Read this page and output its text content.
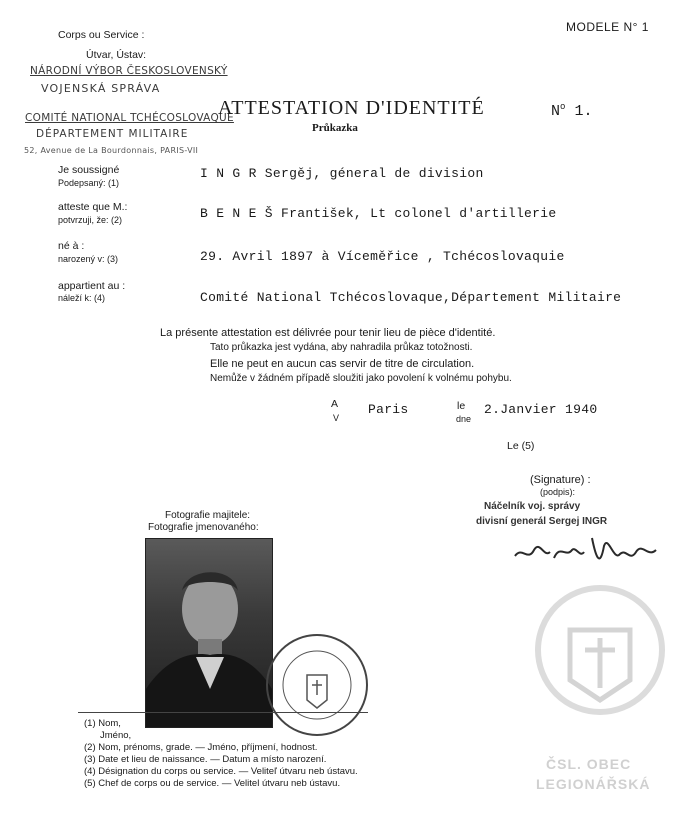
MODELE N° 1
Corps ou Service :
Útvar, Ústav:
NÁRODNÍ VÝBOR ČESKOSLOVENSKÝ
VOJENSKÁ SPRÁVA
COMITÉ NATIONAL TCHÉCOSLOVAQUE
DÉPARTEMENT MILITAIRE
52, Avenue de La Bourdonnais, PARIS-VII
ATTESTATION D'IDENTITÉ
Průkazka
$N^o$ 1.
Je soussigné
Podepsaný: (1)
I N G R Sergěj, géneral de division
atteste que M.:
potvrzuji, že: (2)	B E N E Š František, Lt colonel d'artillerie
né à :
narozený v: (3)	29. Avril 1897 à Víceměřice , Tchécoslovaquie
appartient au :
náleží k: (4)	Comité National Tchécoslovaque,Département Militaire
La présente attestation est délivrée pour tenir lieu de pièce d'identité.
Tato průkazka jest vydána, aby nahradila průkaz totožnosti.
Elle ne peut en aucun cas servir de titre de circulation.
Nemůže v žádném případě sloužiti jako povolení k volnému pohybu.
A
V
Paris	le
dne
2.Janvier 1940
Le (5)
(Signature) :
(podpis):
Náčelník voj. správy
divisní generál Sergej INGR
Fotografie majitele:
Fotografie jmenovaného:
ČSL. OBEC
LEGIONÁŘSKÁ
(1) Nom,
Jméno,
(2) Nom, prénoms, grade. — Jméno, příjmení, hodnost.
(3) Date et lieu de naissance. — Datum a místo narození.
(4) Désignation du corps ou service. — Veliteľ útvaru neb ústavu.
(5) Chef de corps ou de service. — Velitel útvaru neb ústavu.
